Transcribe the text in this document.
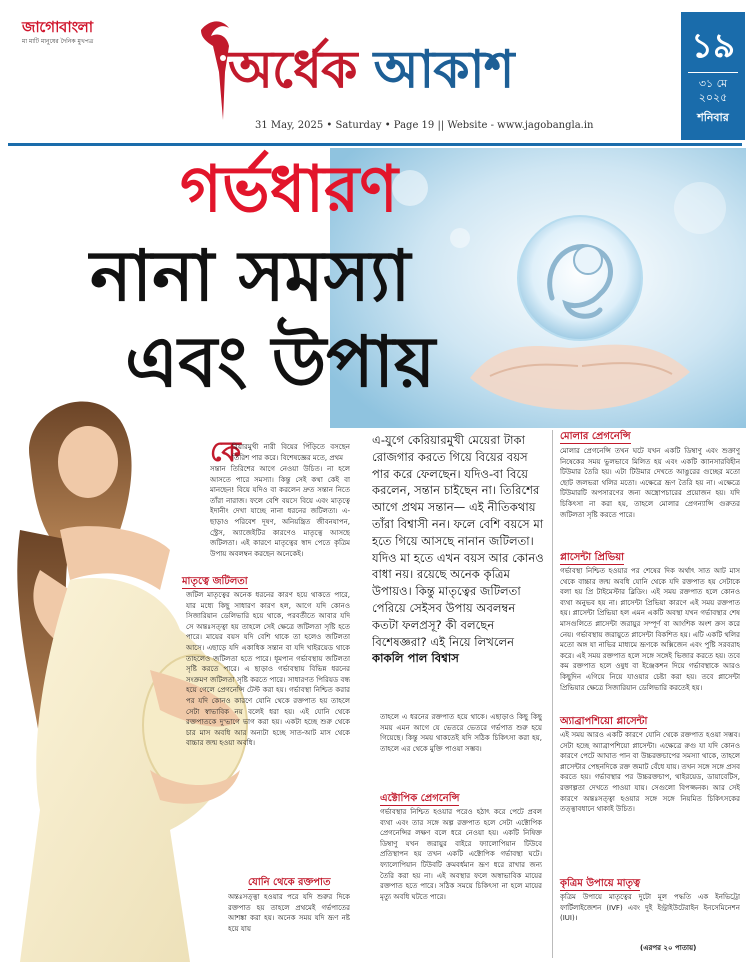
জাগোবাংলা
মা মাটি মানুষের দৈনিক মুখপত্র	অর্ধেক আকাশ
31 May, 2025 • Saturday • Page 19 || Website - www.jagobangla.in
১৯
৩১ মে
২০২৫
শনিবার
গর্ভধারণ
নানা সমস্যা
এবং উপায়
কে
রিয়ারমুখী নারী বিয়ের পিঁড়িতে বসছেন তিরিশ পার করে। বিশেষজ্ঞের মতে, প্রথম
সন্তান তিরিশের আগে নেওয়া উচিত। না হলে আসতে পারে সমস্যা। কিন্তু সেই কথা কেই বা মানছেন! বিয়ে যদিও বা করলেন দ্রুত সন্তান নিতে তাঁরা নারাজ। ফলে বেশি বয়সে বিয়ে এবং মাতৃত্বে ইদানীং দেখা যাচ্ছে নানা ধরনের জটিলতা। এ-ছাড়াও পরিবেশ দূষণ, অনিয়ন্ত্রিত জীবনযাপন, স্ট্রেস, অ্যাজেইটির কারণেও মাতৃত্বে আসছে জটিলতা। এই কারণে মাতৃত্বের স্বাদ পেতে কৃত্রিম উপায় অবলম্বন করছেন অনেকেই।
মাতৃত্বে জটিলতা
জটিল মাতৃত্বের অনেক ধরনের কারণ হয়ে থাকতে পারে, যার মধ্যে কিছু সাধারণ কারণ হল, আগে যদি কোনও সিজারিয়ান ডেলিভারি হয়ে থাকে, পরবর্তীতে আবার যদি সে অন্তঃসত্ত্বা হয় তাহলে সেই ক্ষেত্রে জটিলতা সৃষ্টি হতে পারে। মায়ের বয়স যদি বেশি থাকে তা হলেও জটিলতা আসে। এছাড়ে যদি একাধিক সন্তান বা যদি খাইরয়েড থাকে তাহলেও জটিলতা হতে পারে। ধূমপান গর্ভাবস্থায় জটিলতা সৃষ্টি করতে পারে। এ ছাড়াও গর্ভাবস্থায় বিভিন্ন ধরনের সংক্রমণ জটিলতা সৃষ্টি করতে পারে। সাধারণত পিরিয়ড বন্ধ হয়ে গেলে প্রেগনেন্সি টেস্ট করা হয়। গর্ভাবস্থা নিশ্চিত করার পর যদি কোনও কারণে যোনি থেকে রক্তপাত হয় তাহলে সেটা স্বাভাবিক নয় বলেই ধরা হয়। এই যোনি থেকে রক্তপাতকে দু'ভাগে ভাগ করা হয়। একটা হচ্ছে শুরু থেকে চার মাস অবধি আর অন্যটা হচ্ছে সাত-আট মাস থেকে বাচ্চার জন্ম হওয়া অবধি।
যোনি থেকে রক্তপাত
অন্তঃসত্ত্বা হওয়ার পরে যদি শুরুর দিকে রক্তপাত হয় তাহলে প্রথমেই গর্ভপাতের আশঙ্কা করা হয়। অনেক সময় যদি ভ্রূণ নষ্ট হয়ে যায়
এ-যুগে কেরিয়ারমুখী মেয়েরা টাকা রোজগার করতে গিয়ে বিয়ের বয়স পার করে ফেলছেন। যদিও-বা বিয়ে করলেন, সন্তান চাইছেন না। তিরিশের আগে প্রথম সন্তান— এই নীতিকথায় তাঁরা বিশ্বাসী নন। ফলে বেশি বয়সে মা হতে গিয়ে আসছে নানান জটিলতা। যদিও মা হতে এখন বয়স আর কোনও বাধা নয়। রয়েছে অনেক কৃত্রিম উপায়ও। কিন্তু মাতৃত্বের জটিলতা পেরিয়ে সেইসব উপায় অবলম্বন কতটা ফলপ্রসূ? কী বলছেন বিশেষজ্ঞরা? এই নিয়ে লিখলেন কাকলি পাল বিশ্বাস
তাহলে এ ধরনের রক্তপাত হয়ে থাকে। এছাড়াও কিছু কিছু সময় এমন আগে যে ভেতরে ভেতরে গর্ভপাত শুরু হয়ে গিয়েছে। কিন্তু সময় থাকতেই যদি সঠিক চিকিৎসা করা হয়, তাহলে এর থেকে মুক্তি পাওয়া সম্ভব।
এক্টোপিক প্রেগনেন্সি
গর্ভাবস্থার নিশ্চিত হওয়ার পরেও হঠাৎ করে পেটে প্রবল ব্যথা এবং তার সঙ্গে অল্প রক্তপাত হলে সেটা এক্টোপিক প্রেগনেন্সির লক্ষণ বলে ধরে নেওয়া হয়। একটি নিষিক্ত ডিম্বাণু যখন জরায়ুর বাইরে ফ্যালোপিয়ান টিউবে প্রতিস্থাপন হয় তখন একটি এক্টোপিক গর্ভাবস্থা ঘটে। ফ্যালোপিয়ান টিউবটি ক্রমবর্ধমান ভ্রূণ ধরে রাখার জন্য তৈরি করা হয় না। এই অবস্থার ফলে অস্বাভাবিক মায়ের রক্তপাত হতে পারে। সঠিক সময়ে চিকিৎসা না হলে মায়ের মৃত্যু অবধি ঘটতে পারে।
মোলার প্রেগনেন্সি
মোলার প্রেগনেন্সি তখন ঘটে যখন একটি ডিম্বাণু এবং শুক্রাণু নিষেকের সময় ভুলভাবে মিলিত হয় এবং একটি ক্যানসারবিহীন টিউমার তৈরি হয়। এটা টিউমার দেখতে আঙুরের গুচ্ছের মতো ছোট জলভরা থলির মতো। এক্ষেত্রে ভ্রূণ তৈরি হয় না। এক্ষেত্রে টিউমারটি অপসারণের জন্য অস্ত্রোপচারের প্রয়োজন হয়। যদি চিকিৎসা না করা হয়, তাহলে মোলার প্রেগন্যান্সি গুরুতর জটিলতা সৃষ্টি করতে পারে।
প্লাসেন্টা প্রিভিয়া
গর্ভাবস্থা নিশ্চিত হওয়ার পর শেষের দিক অর্থাৎ সাত আট মাস থেকে বাচ্চার জন্ম অবধি যোনি থেকে যদি রক্তপাত হয় সেটাকে বলা হয় প্রি টাইমেস্টার ব্লিডিং। এই সময় রক্তপাত হলে কোনও ব্যথা অনুভব হয় না। প্লাসেন্টা প্রিভিয়া কারণে এই সময় রক্তপাত হয়। প্লাসেন্টা প্রিভিয়া হল এমন একটি অবস্থা যখন গর্ভাবস্থার শেষ মাসগুলিতে প্লাসেন্টা জরায়ুর সম্পূর্ণ বা আংশিক অংশ ক্রস করে নেয়। গর্ভাবস্থায় জরায়ুতে প্লাসেন্টা বিকশিত হয়। এটি একটি থলির মতো অঙ্গ যা নাভির মাধ্যমে ভ্রূণকে অক্সিজেন এবং পুষ্টি সরবরাহ করে। এই সময় রক্তপাত হলে সঙ্গে সঙ্গেই ভিজার করতে হয়। তবে কম রক্তপাত হলে ওষুধ বা ইঞ্জেকশন দিয়ে গর্ভাবস্থাকে আরও কিছুদিন এগিয়ে নিয়ে যাওয়ার চেষ্টা করা হয়। তবে প্লাসেন্টা প্রিভিয়ার ক্ষেত্রে সিজারিয়ান ডেলিভারি করতেই হয়।
অ্যাব্রাপশিয়ো প্লাসেন্টা
এই সময় আরও একটি কারণে যোনি থেকে রক্তপাত হওয়া সম্ভব। সেটা হচ্ছে অ্যাব্রাপশিয়ো প্লাসেন্টা। এক্ষেত্রে রুগু যা যদি কোনও কারণে পেটে আঘাত পান বা উচ্চরক্তচাপের সমস্যা থাকে, তাহলে প্লাসেন্টার পেছনদিকে রক্ত জমাট বেঁধে যায়। তখন সঙ্গে সঙ্গে প্রসব করতে হয়। গর্ভাবস্থার পর উচ্চরক্তচাপ, থাইরয়েড, ডায়াবেটিস, রক্তাল্পতা দেখতে পাওয়া যায়। সেগুলো বিপজ্জনক। আর সেই কারণে অন্তঃসত্ত্বা হওয়ার সঙ্গে সঙ্গে নিয়মিত চিকিৎসকের তত্ত্বাবধানে থাকাই উচিত।
কৃত্রিম উপায়ে মাতৃত্ব
কৃত্রিম উপায়ে মাতৃত্বের দুটো মূল পদ্ধতি এক ইনভিট্রো ফার্টিলাইজেশন (IVF) এবং দুই ইন্ট্রাইউটেরাইন ইনসেমিনেশন (IUI)।
(এরপর ২০ পাতায়)
